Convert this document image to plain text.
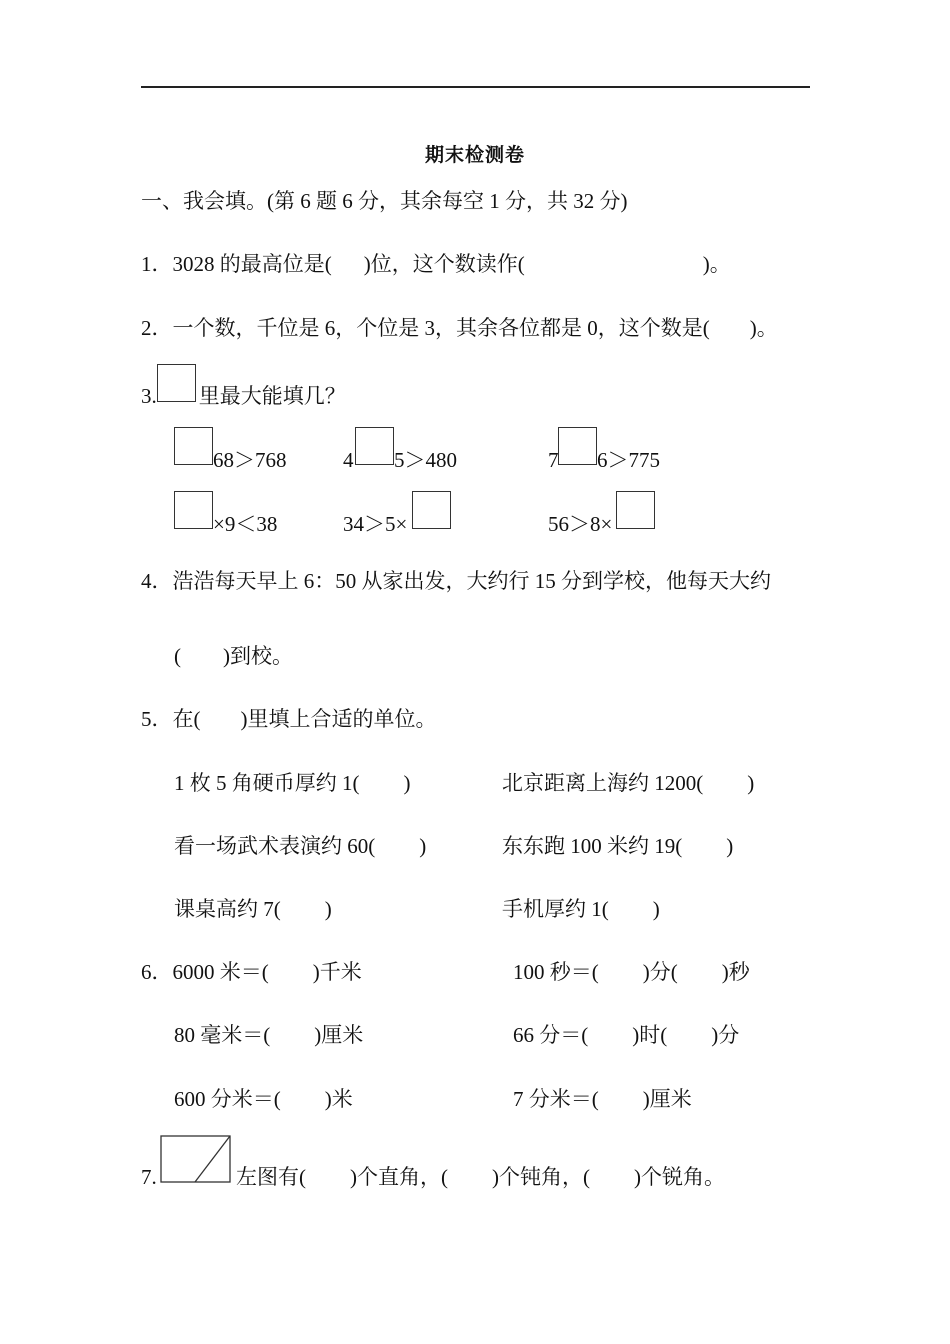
期末检测卷
一、我会填。(第 6 题 6 分，其余每空 1 分，共 32 分)
1．3028 的最高位是( )位，这个数读作(	)。
2．一个数，千位是 6，个位是 3，其余各位都是 0，这个数是( )。
3. 里最大能填几？
68＞768	4 5＞480	7 6＞775
×9＜38	34＞5×	56＞8×
4．浩浩每天早上 6：50 从家出发，大约行 15 分到学校，他每天大约
( )到校。
5．在( )里填上合适的单位。
1 枚 5 角硬币厚约 1( )	北京距离上海约 1200( )
看一场武术表演约 60( )	东东跑 100 米约 19( )
课桌高约 7( )	手机厚约 1( )
6．6000 米＝( )千米	100 秒＝( )分( )秒
80 毫米＝( )厘米	66 分＝( )时( )分
600 分米＝( )米	7 分米＝( )厘米
7.	左图有( )个直角，( )个钝角，( )个锐角。
